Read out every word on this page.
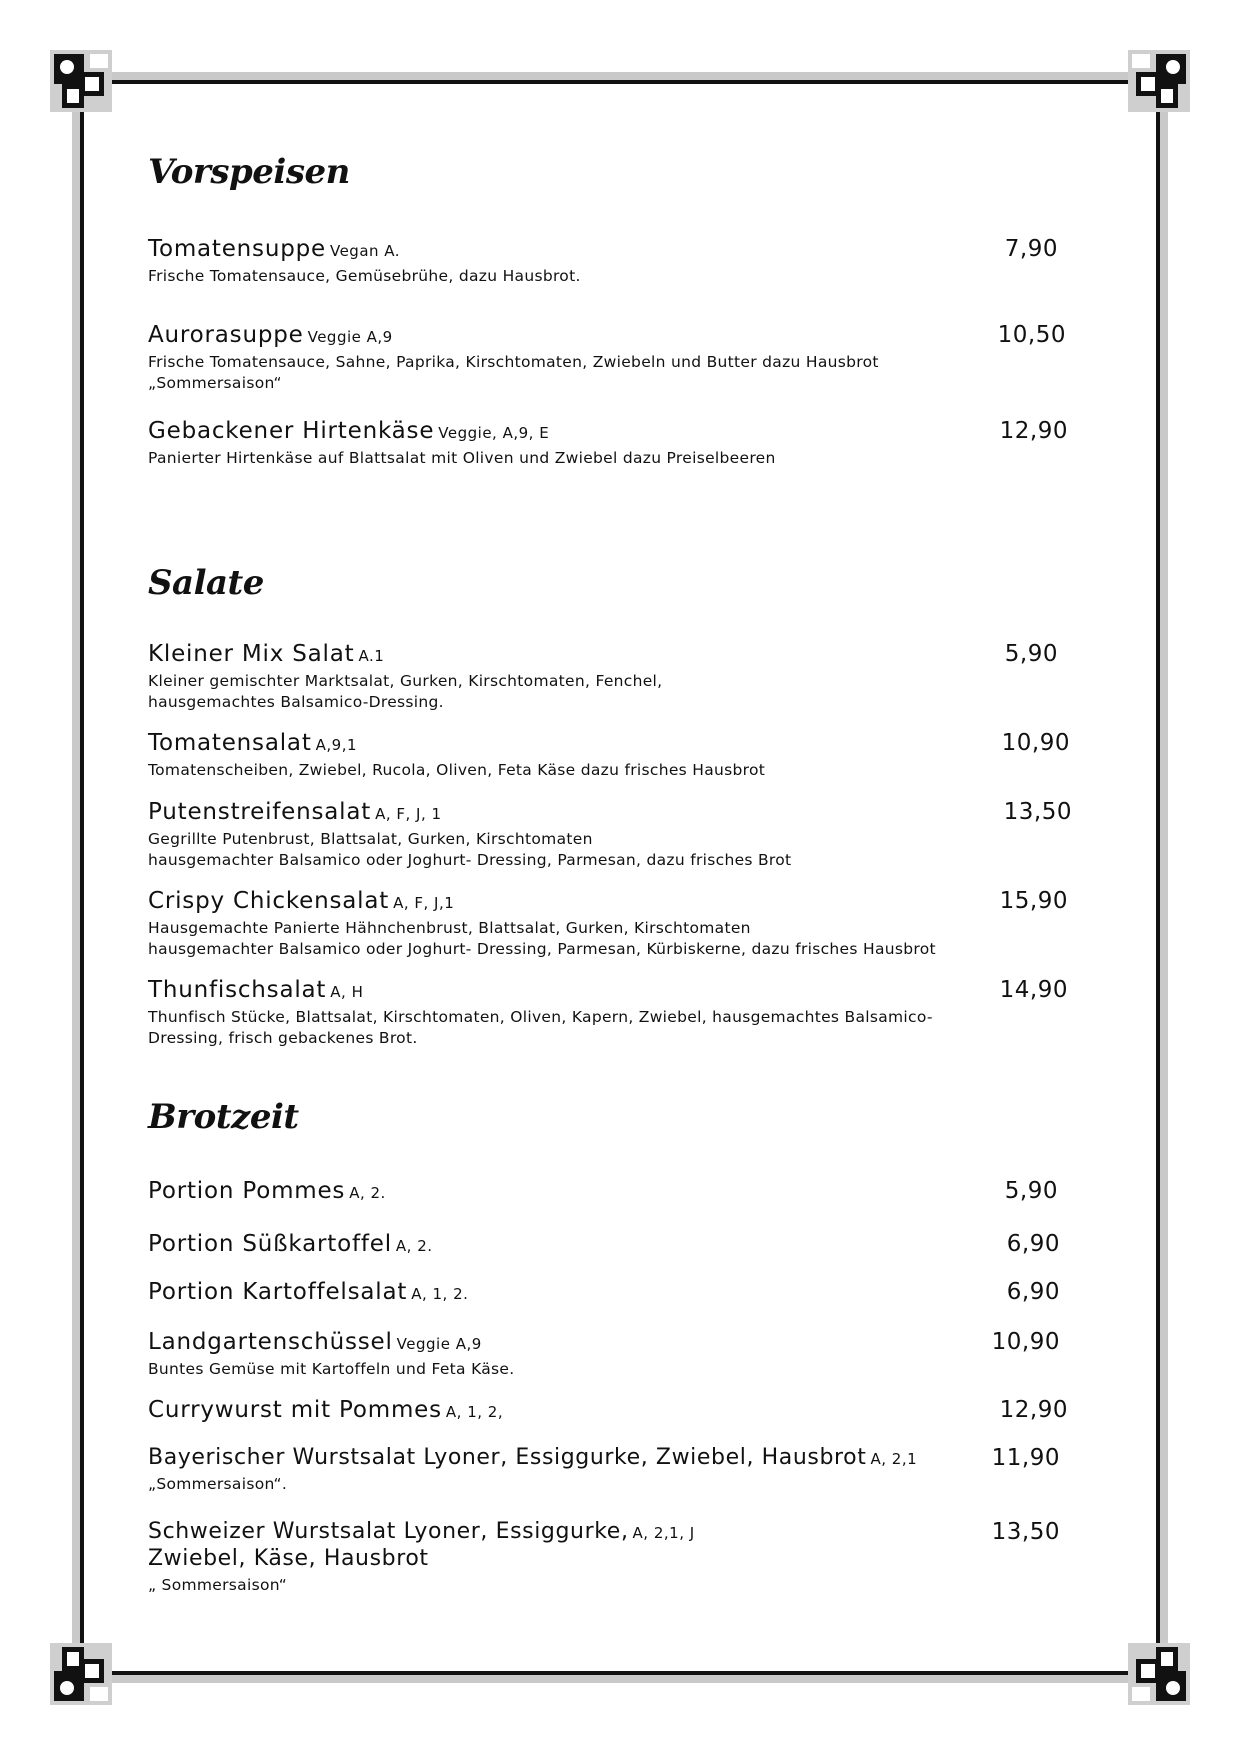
Vorspeisen
Tomatensuppe Vegan A.	7,90
Frische Tomatensauce, Gemüsebrühe, dazu Hausbrot.
Aurorasuppe Veggie A,9	10,50
Frische Tomatensauce, Sahne, Paprika, Kirschtomaten, Zwiebeln und Butter dazu Hausbrot
„Sommersaison“
Gebackener Hirtenkäse Veggie, A,9, E	12,90
Panierter Hirtenkäse auf Blattsalat mit Oliven und Zwiebel dazu Preiselbeeren
Salate
Kleiner Mix Salat A.1	5,90
Kleiner gemischter Marktsalat, Gurken, Kirschtomaten, Fenchel,
hausgemachtes Balsamico-Dressing.
Tomatensalat A,9,1	10,90
Tomatenscheiben, Zwiebel, Rucola, Oliven, Feta Käse dazu frisches Hausbrot
Putenstreifensalat A, F, J, 1	13,50
Gegrillte Putenbrust, Blattsalat, Gurken, Kirschtomaten
hausgemachter Balsamico oder Joghurt- Dressing, Parmesan, dazu frisches Brot
Crispy Chickensalat A, F, J,1	15,90
Hausgemachte Panierte Hähnchenbrust, Blattsalat, Gurken, Kirschtomaten
hausgemachter Balsamico oder Joghurt- Dressing, Parmesan, Kürbiskerne, dazu frisches Hausbrot
Thunfischsalat A, H	14,90
Thunfisch Stücke, Blattsalat, Kirschtomaten, Oliven, Kapern, Zwiebel, hausgemachtes Balsamico-
Dressing, frisch gebackenes Brot.
Brotzeit
Portion Pommes A, 2.	5,90
Portion Süßkartoffel A, 2.	6,90
Portion Kartoffelsalat A, 1, 2.	6,90
Landgartenschüssel Veggie A,9	10,90
Buntes Gemüse mit Kartoffeln und Feta Käse.
Currywurst mit Pommes A, 1, 2,	12,90
Bayerischer Wurstsalat Lyoner, Essiggurke, Zwiebel, Hausbrot A, 2,1	11,90
„Sommersaison“.
Schweizer Wurstsalat Lyoner, Essiggurke, A, 2,1, J	13,50
Zwiebel, Käse, Hausbrot
„ Sommersaison“
